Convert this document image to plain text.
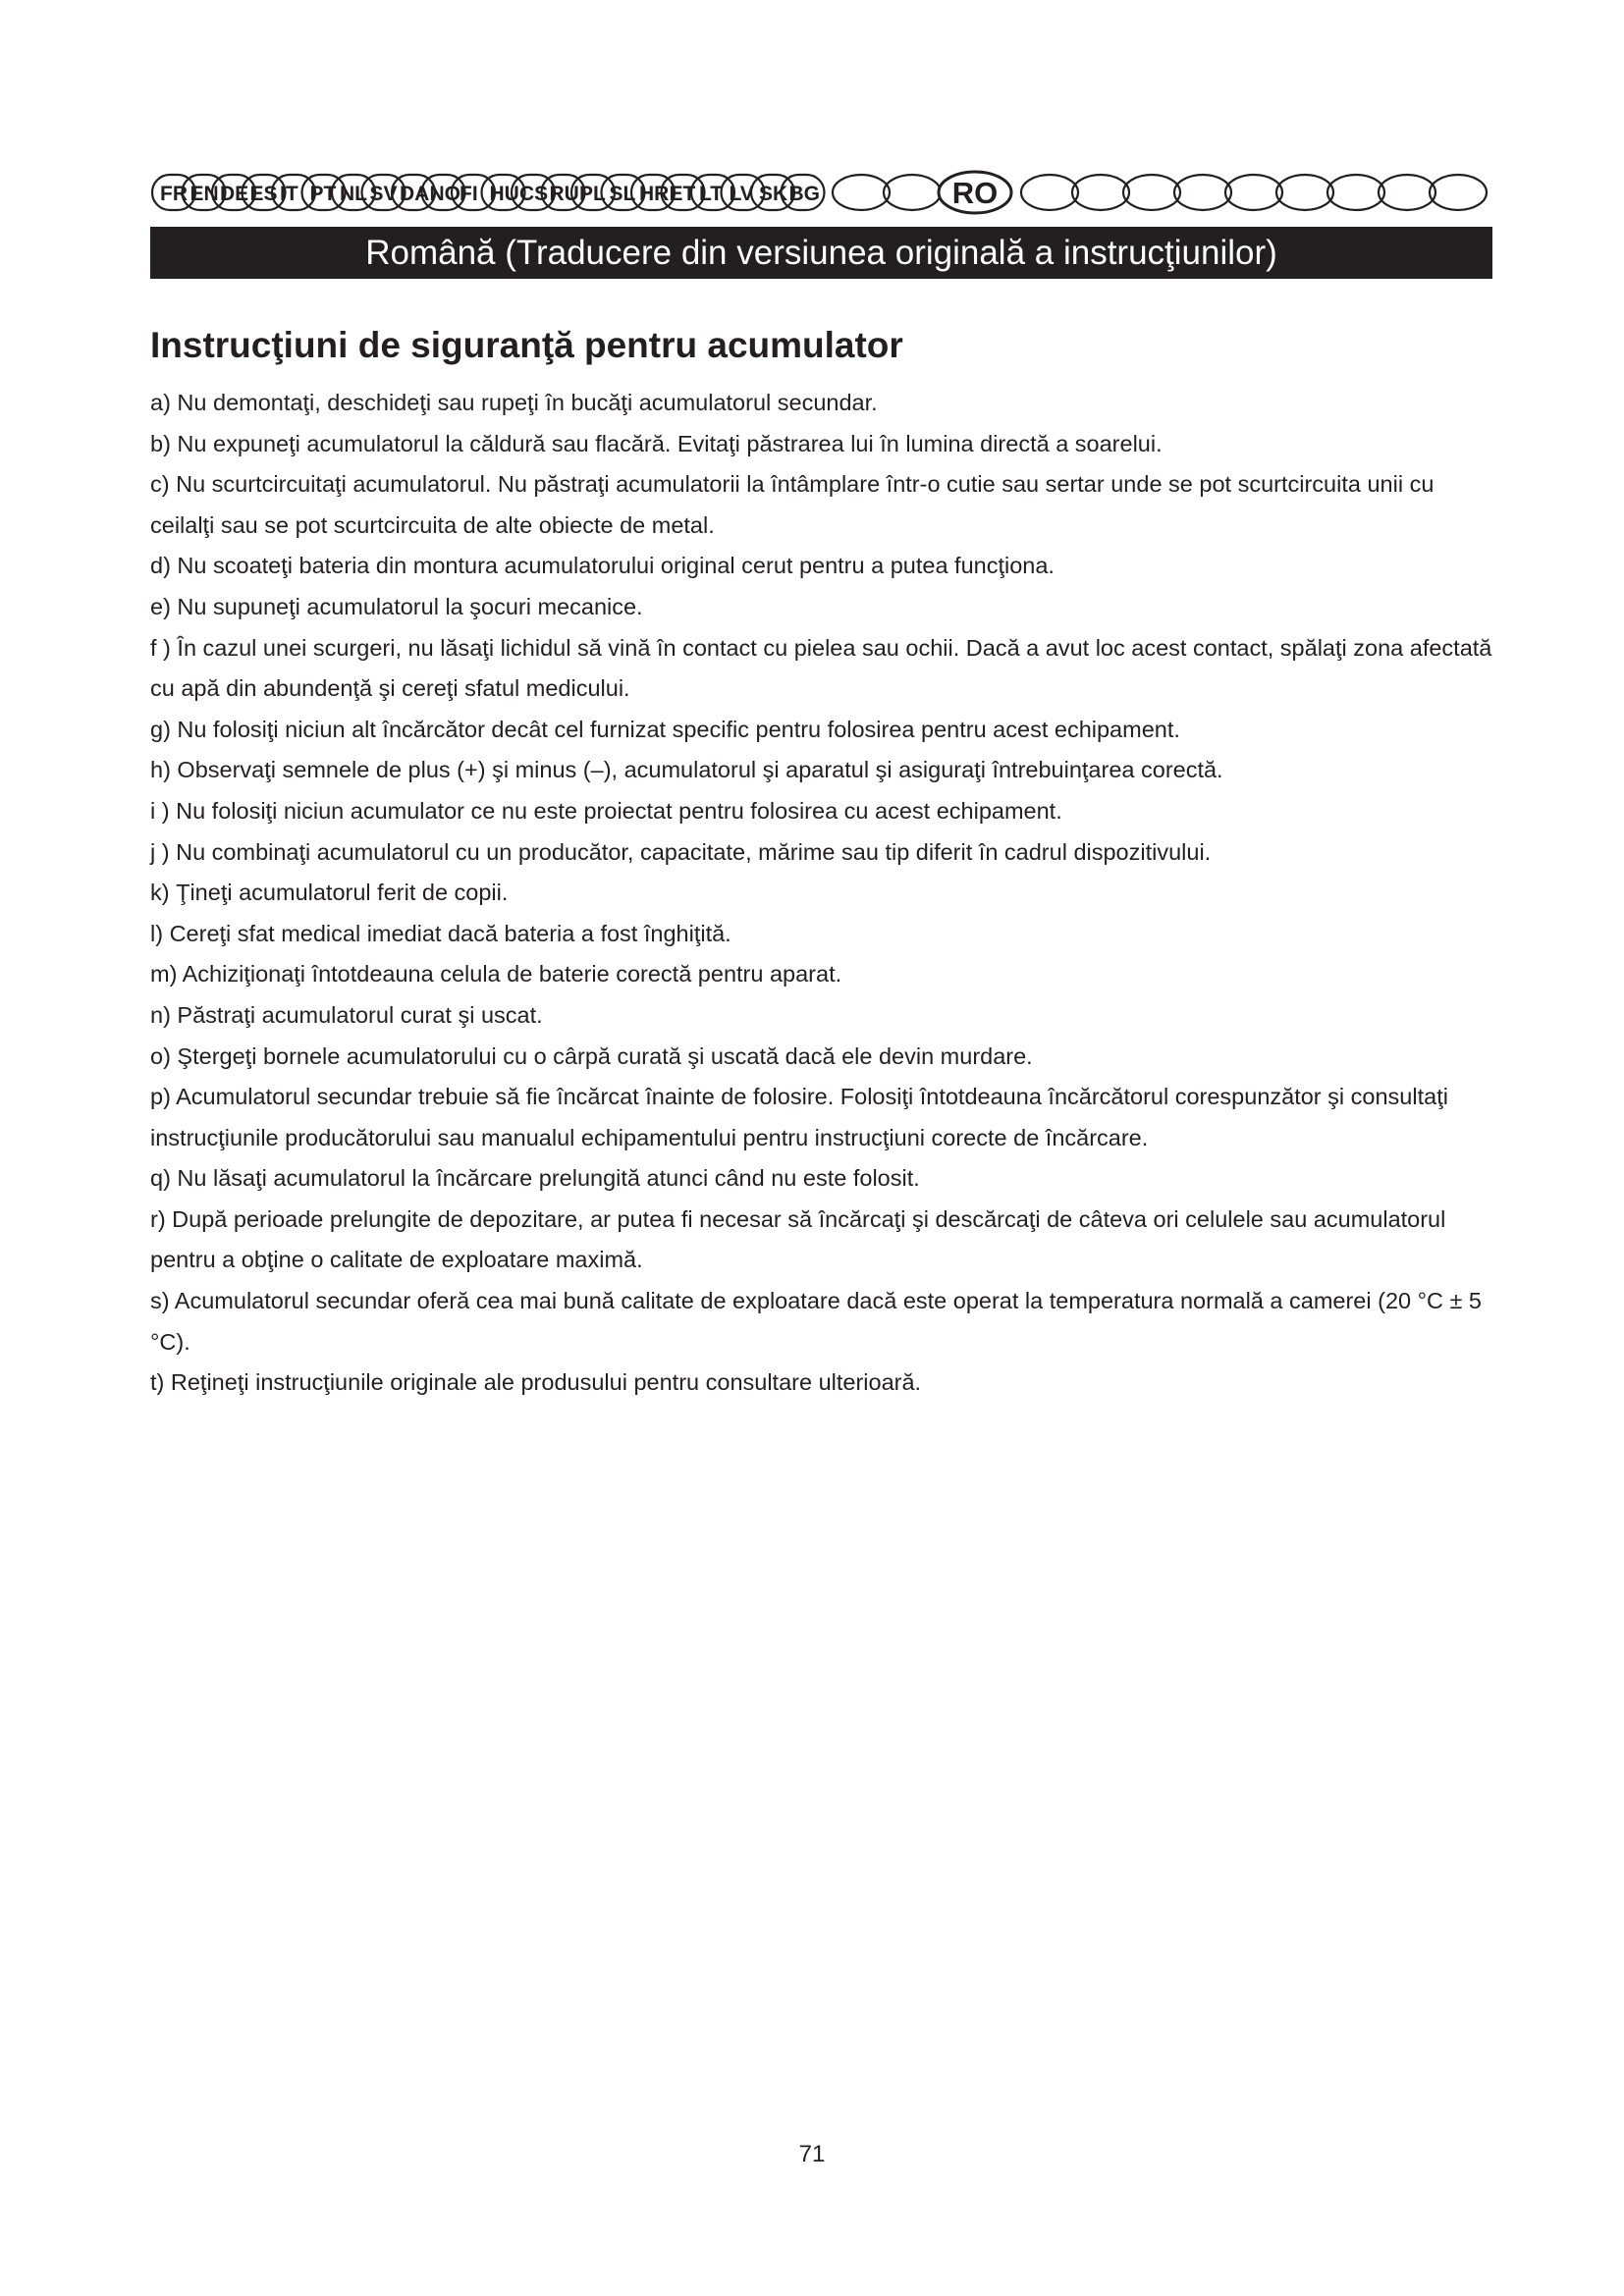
FR EN DE ES IT PT NL SV DA NO FI HU CS RU PL SL HR ET LT LV SK BG	RO
Română (Traducere din versiunea originală a instrucţiunilor)
Instrucţiuni de siguranţă pentru acumulator
a) Nu demontaţi, deschideţi sau rupeţi în bucăţi acumulatorul secundar.
b) Nu expuneţi acumulatorul la căldură sau flacără. Evitaţi păstrarea lui în lumina directă a soarelui.
c) Nu scurtcircuitaţi acumulatorul. Nu păstraţi acumulatorii la întâmplare într-o cutie sau sertar unde se pot scurtcircuita unii cu ceilalţi sau se pot scurtcircuita de alte obiecte de metal.
d) Nu scoateţi bateria din montura acumulatorului original cerut pentru a putea funcţiona.
e) Nu supuneţi acumulatorul la şocuri mecanice.
f ) În cazul unei scurgeri, nu lăsaţi lichidul să vină în contact cu pielea sau ochii. Dacă a avut loc acest contact, spălaţi zona afectată cu apă din abundenţă şi cereţi sfatul medicului.
g) Nu folosiţi niciun alt încărcător decât cel furnizat specific pentru folosirea pentru acest echipament.
h) Observaţi semnele de plus (+) şi minus (–), acumulatorul şi aparatul şi asiguraţi întrebuinţarea corectă.
i ) Nu folosiţi niciun acumulator ce nu este proiectat pentru folosirea cu acest echipament.
j ) Nu combinaţi acumulatorul cu un producător, capacitate, mărime sau tip diferit în cadrul dispozitivului.
k) Ţineţi acumulatorul ferit de copii.
l) Cereţi sfat medical imediat dacă bateria a fost înghiţită.
m) Achiziţionaţi întotdeauna celula de baterie corectă pentru aparat.
n) Păstraţi acumulatorul curat şi uscat.
o) Ştergeţi bornele acumulatorului cu o cârpă curată şi uscată dacă ele devin murdare.
p) Acumulatorul secundar trebuie să fie încărcat înainte de folosire. Folosiţi întotdeauna încărcătorul corespunzător şi consultaţi instrucţiunile producătorului sau manualul echipamentului pentru instrucţiuni corecte de încărcare.
q) Nu lăsaţi acumulatorul la încărcare prelungită atunci când nu este folosit.
r) După perioade prelungite de depozitare, ar putea fi necesar să încărcaţi şi descărcaţi de câteva ori celulele sau acumulatorul pentru a obţine o calitate de exploatare maximă.
s) Acumulatorul secundar oferă cea mai bună calitate de exploatare dacă este operat la temperatura normală a camerei (20 °C ± 5 °C).
t) Reţineţi instrucţiunile originale ale produsului pentru consultare ulterioară.
71
